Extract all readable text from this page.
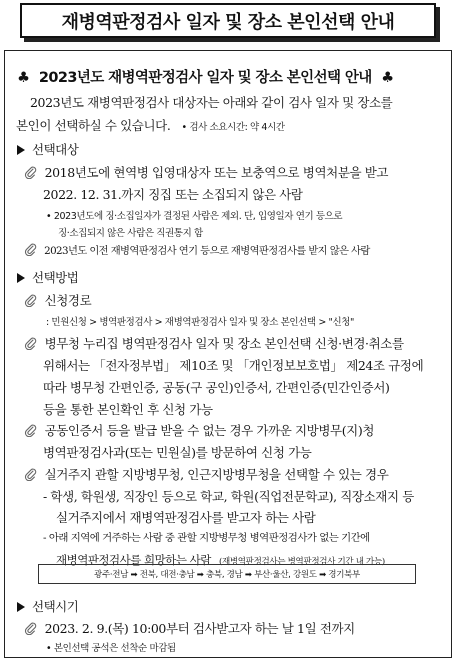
재병역판정검사 일자 및 장소 본인선택 안내
♣ 2023년도 재병역판정검사 일자 및 장소 본인선택 안내 ♣
2023년도 재병역판정검사 대상자는 아래와 같이 검사 일자 및 장소를
본인이 선택하실 수 있습니다. • 검사 소요시간: 약 4시간
선택대상
2018년도에 현역병 입영대상자 또는 보충역으로 병역처분을 받고
2022. 12. 31.까지 징집 또는 소집되지 않은 사람
• 2023년도에 징·소집일자가 결정된 사람은 제외. 단, 입영일자 연기 등으로
징·소집되지 않은 사람은 직권통지 함
2023년도 이전 재병역판정검사 연기 등으로 재병역판정검사를 받지 않은 사람
선택방법
신청경로
: 민원신청 > 병역판정검사 > 재병역판정검사 일자 및 장소 본인선택 > "신청"
병무청 누리집 병역판정검사 일자 및 장소 본인선택 신청·변경·취소를
위해서는 「전자정부법」 제10조 및 「개인정보보호법」 제24조 규정에
따라 병무청 간편인증, 공동(구 공인)인증서, 간편인증(민간인증서)
등을 통한 본인확인 후 신청 가능
공동인증서 등을 발급 받을 수 없는 경우 가까운 지방병무(지)청
병역판정검사과(또는 민원실)를 방문하여 신청 가능
실거주지 관할 지방병무청, 인근지방병무청을 선택할 수 있는 경우
- 학생, 학원생, 직장인 등으로 학교, 학원(직업전문학교), 직장소재지 등
실거주지에서 재병역판정검사를 받고자 하는 사람
- 아래 지역에 거주하는 사람 중 관할 지방병무청 병역판정검사가 없는 기간에
재병역판정검사를 희망하는 사람 (재병역판정검사는 병역판정검사 기간 내 가능)
광주·전남 ➡ 전북, 대전·충남 ➡ 충북, 경남 ➡ 부산·울산, 강원도 ➡ 경기북부
선택시기
2023. 2. 9.(목) 10:00부터 검사받고자 하는 날 1일 전까지
• 본인선택 공석은 선착순 마감됨
